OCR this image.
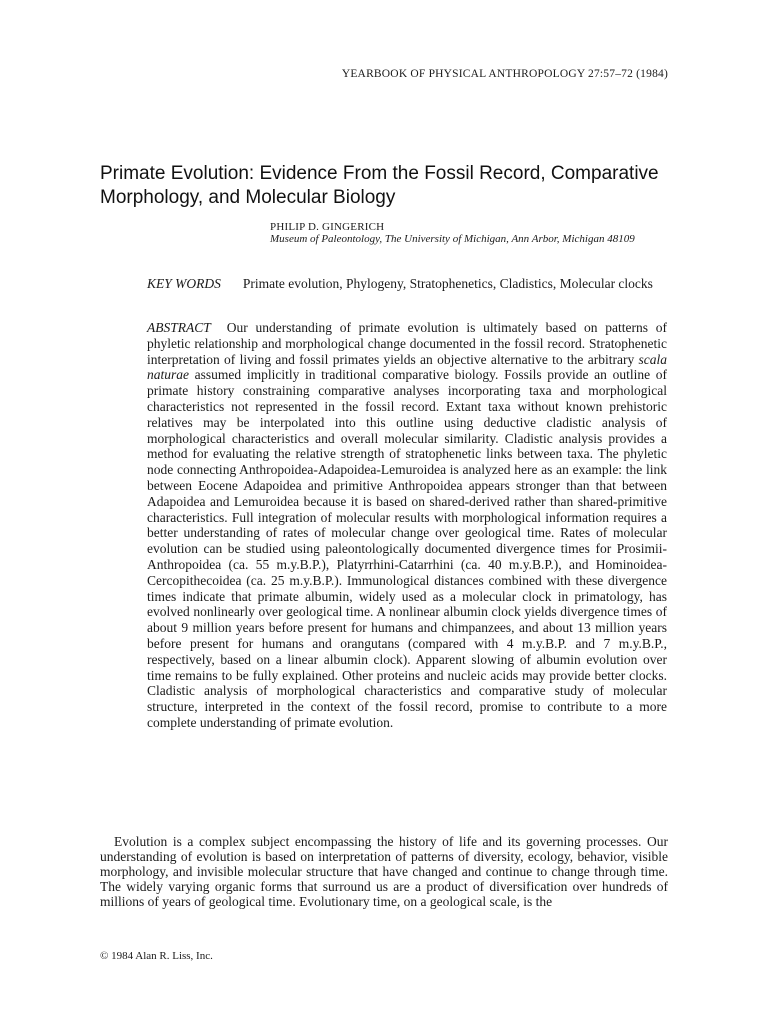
YEARBOOK OF PHYSICAL ANTHROPOLOGY 27:57–72 (1984)
Primate Evolution: Evidence From the Fossil Record, Comparative Morphology, and Molecular Biology
PHILIP D. GINGERICH
Museum of Paleontology, The University of Michigan, Ann Arbor, Michigan 48109
KEY WORDS Primate evolution, Phylogeny, Stratophenetics, Cladistics, Molecular clocks
ABSTRACT Our understanding of primate evolution is ultimately based on patterns of phyletic relationship and morphological change documented in the fossil record. Stratophenetic interpretation of living and fossil primates yields an objective alternative to the arbitrary scala naturae assumed implicitly in traditional comparative biology. Fossils provide an outline of primate history constraining comparative analyses incorporating taxa and morphological characteristics not represented in the fossil record. Extant taxa without known prehistoric relatives may be interpolated into this outline using deductive cladistic analysis of morphological characteristics and overall molecular similarity. Cladistic analysis provides a method for evaluating the relative strength of stratophenetic links between taxa. The phyletic node connecting Anthropoidea-Adapoidea-Lemuroidea is analyzed here as an example: the link between Eocene Adapoidea and primitive Anthropoidea appears stronger than that between Adapoidea and Lemuroidea because it is based on shared-derived rather than shared-primitive characteristics. Full integration of molecular results with morphological information requires a better understanding of rates of molecular change over geological time. Rates of molecular evolution can be studied using paleontologically documented divergence times for Prosimii-Anthropoidea (ca. 55 m.y.B.P.), Platyrrhini-Catarrhini (ca. 40 m.y.B.P.), and Hominoidea-Cercopithecoidea (ca. 25 m.y.B.P.). Immunological distances combined with these divergence times indicate that primate albumin, widely used as a molecular clock in primatology, has evolved nonlinearly over geological time. A nonlinear albumin clock yields divergence times of about 9 million years before present for humans and chimpanzees, and about 13 million years before present for humans and orangutans (compared with 4 m.y.B.P. and 7 m.y.B.P., respectively, based on a linear albumin clock). Apparent slowing of albumin evolution over time remains to be fully explained. Other proteins and nucleic acids may provide better clocks. Cladistic analysis of morphological characteristics and comparative study of molecular structure, interpreted in the context of the fossil record, promise to contribute to a more complete understanding of primate evolution.

Evolution is a complex subject encompassing the history of life and its governing processes. Our understanding of evolution is based on interpretation of patterns of diversity, ecology, behavior, visible morphology, and invisible molecular structure that have changed and continue to change through time. The widely varying organic forms that surround us are a product of diversification over hundreds of millions of years of geological time. Evolutionary time, on a geological scale, is the

© 1984 Alan R. Liss, Inc.
